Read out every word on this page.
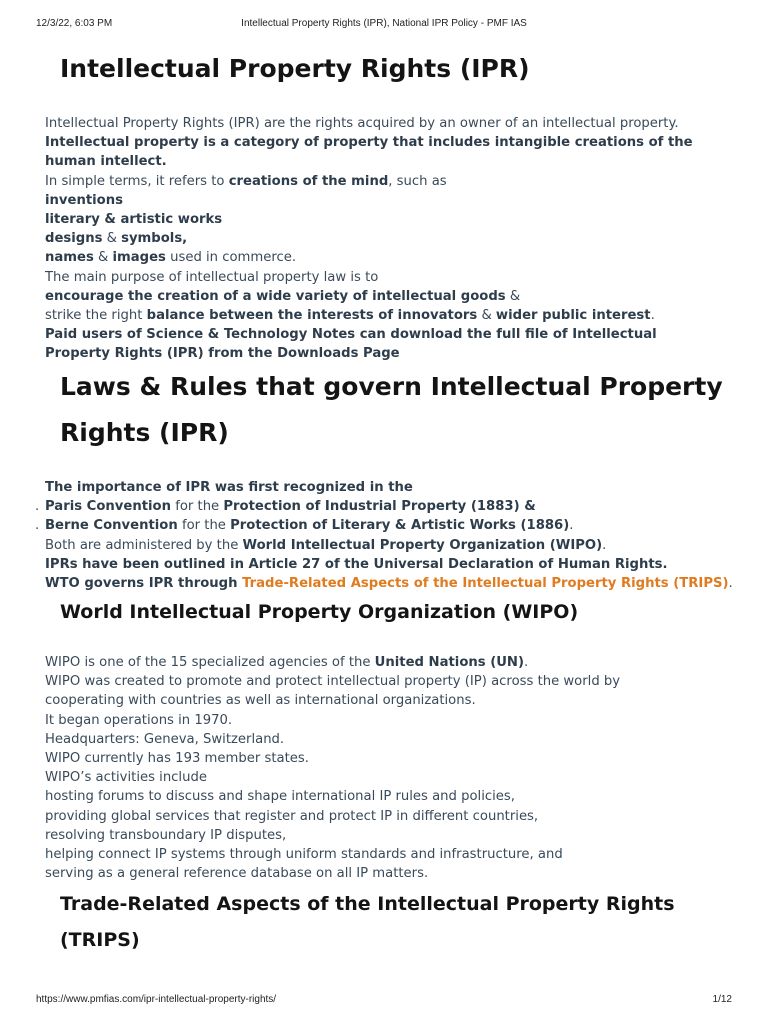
12/3/22, 6:03 PM	Intellectual Property Rights (IPR), National IPR Policy - PMF IAS
Intellectual Property Rights (IPR)

Intellectual Property Rights (IPR) are the rights acquired by an owner of an intellectual property.

Intellectual property is a category of property that includes intangible creations of the human intellect.

In simple terms, it refers to creations of the mind, such as

inventions

literary & artistic works

designs & symbols,

names & images used in commerce.

The main purpose of intellectual property law is to

encourage the creation of a wide variety of intellectual goods &

strike the right balance between the interests of innovators & wider public interest.

Paid users of Science & Technology Notes can download the full file of Intellectual Property Rights (IPR) from the Downloads Page

Laws & Rules that govern Intellectual Property Rights (IPR)

The importance of IPR was first recognized in the

. Paris Convention for the Protection of Industrial Property (1883) &

. Berne Convention for the Protection of Literary & Artistic Works (1886).

Both are administered by the World Intellectual Property Organization (WIPO).

IPRs have been outlined in Article 27 of the Universal Declaration of Human Rights.

WTO governs IPR through Trade-Related Aspects of the Intellectual Property Rights (TRIPS).

World Intellectual Property Organization (WIPO)

WIPO is one of the 15 specialized agencies of the United Nations (UN).

WIPO was created to promote and protect intellectual property (IP) across the world by

cooperating with countries as well as international organizations.

It began operations in 1970.

Headquarters: Geneva, Switzerland.

WIPO currently has 193 member states.

WIPO’s activities include

hosting forums to discuss and shape international IP rules and policies,

providing global services that register and protect IP in different countries,

resolving transboundary IP disputes,

helping connect IP systems through uniform standards and infrastructure, and

serving as a general reference database on all IP matters.

Trade-Related Aspects of the Intellectual Property Rights (TRIPS)
https://www.pmfias.com/ipr-intellectual-property-rights/	1/12
